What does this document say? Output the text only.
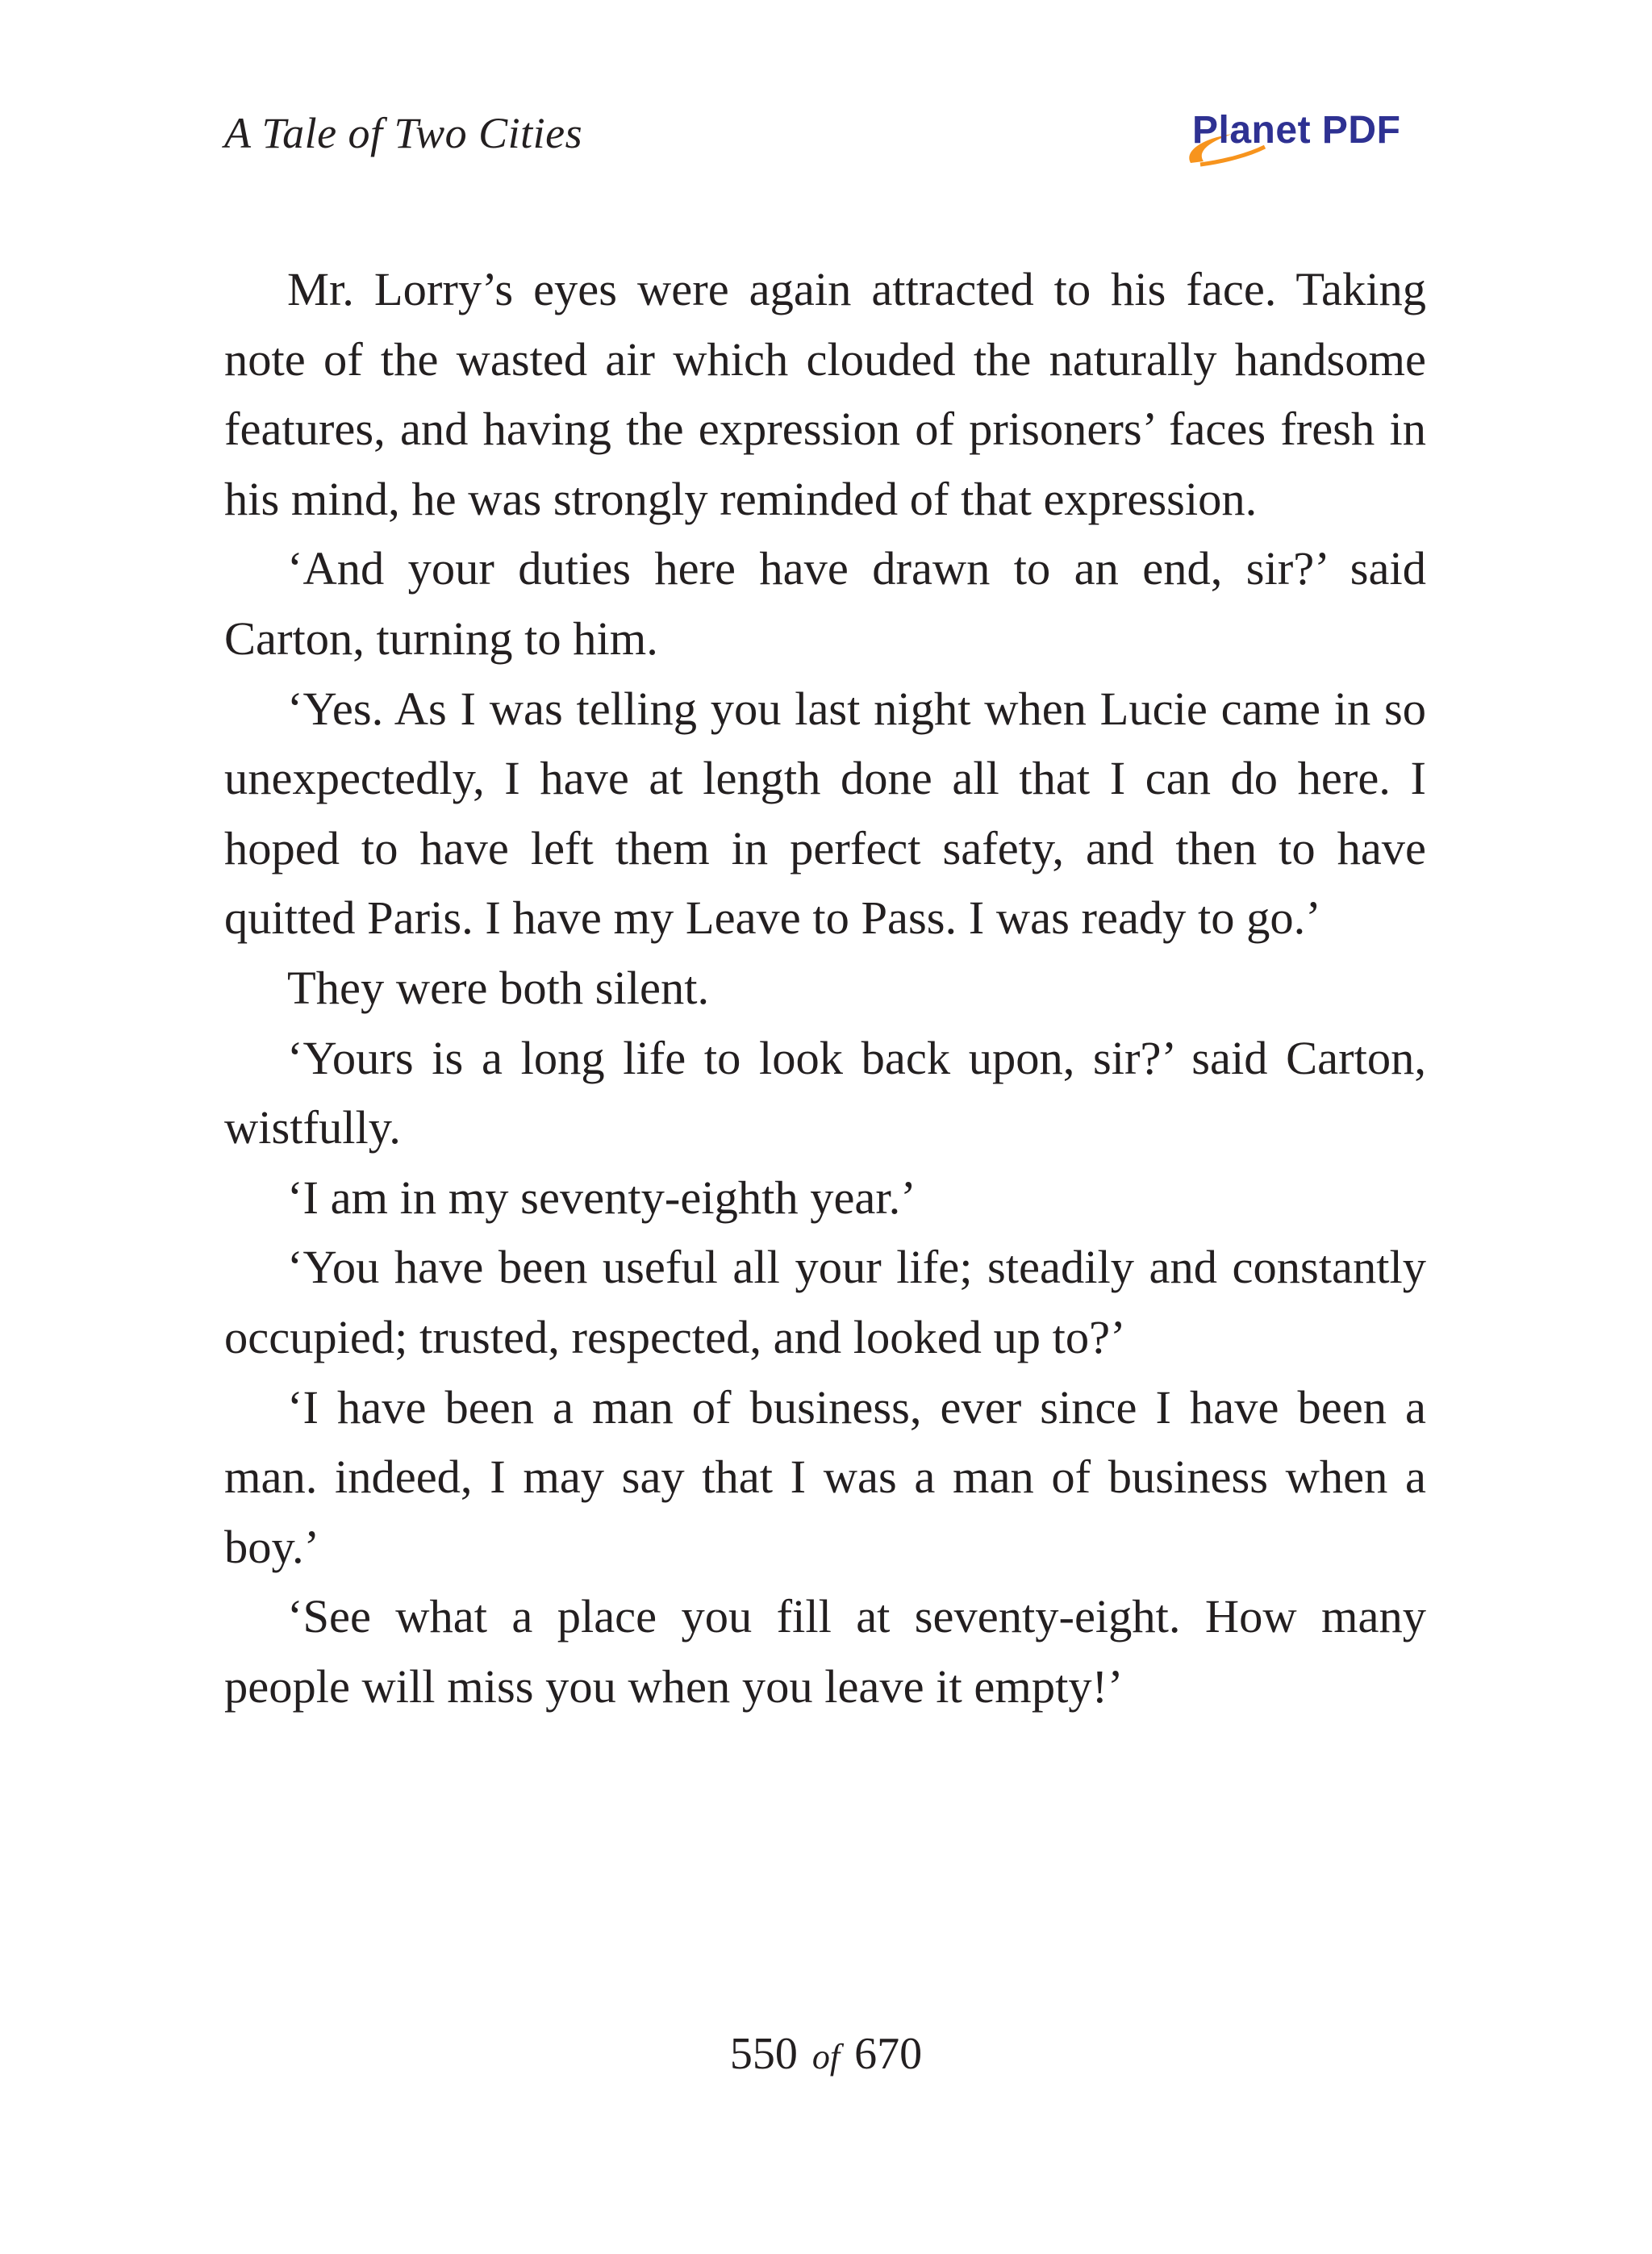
A Tale of Two Cities	Planet PDF

Mr. Lorry’s eyes were again attracted to his face. Taking note of the wasted air which clouded the naturally handsome features, and having the expression of prisoners’ faces fresh in his mind, he was strongly reminded of that expression.

‘And your duties here have drawn to an end, sir?’ said Carton, turning to him.

‘Yes. As I was telling you last night when Lucie came in so unexpectedly, I have at length done all that I can do here. I hoped to have left them in perfect safety, and then to have quitted Paris. I have my Leave to Pass. I was ready to go.’

They were both silent.

‘Yours is a long life to look back upon, sir?’ said Carton, wistfully.

‘I am in my seventy-eighth year.’

‘You have been useful all your life; steadily and constantly occupied; trusted, respected, and looked up to?’

‘I have been a man of business, ever since I have been a man. indeed, I may say that I was a man of business when a boy.’

‘See what a place you fill at seventy-eight. How many people will miss you when you leave it empty!’

550 of 670
